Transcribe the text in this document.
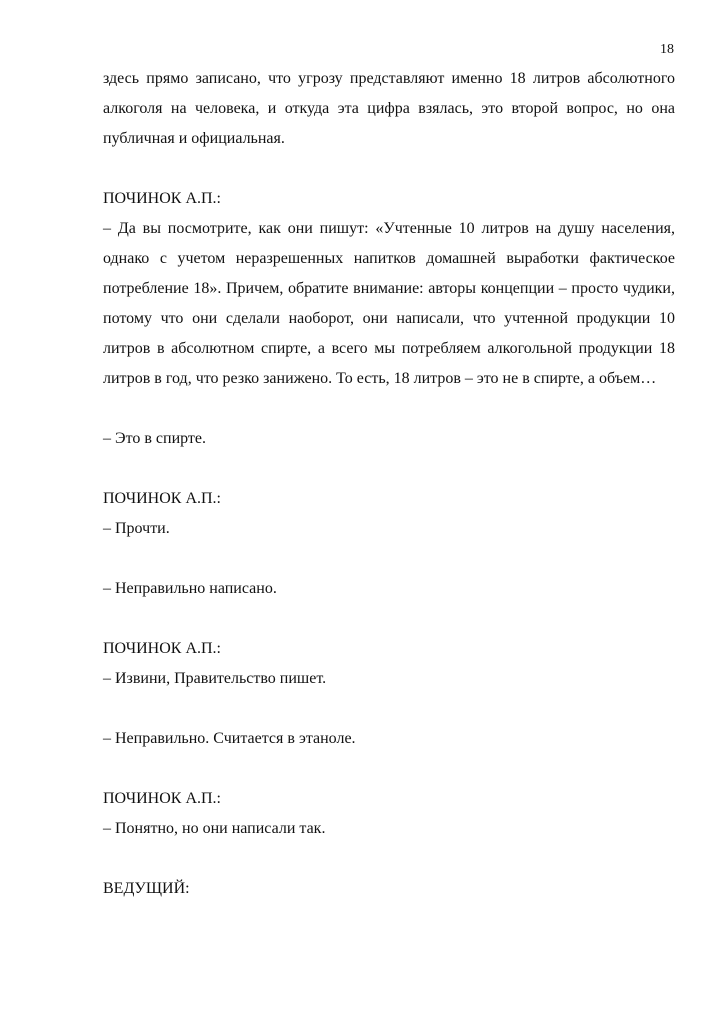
18

здесь прямо записано, что угрозу представляют именно 18 литров абсолютного алкоголя на человека, и откуда эта цифра взялась, это второй вопрос, но она публичная и официальная.

ПОЧИНОК А.П.:

– Да вы посмотрите, как они пишут: «Учтенные 10 литров на душу населения, однако с учетом неразрешенных напитков домашней выработки фактическое потребление 18». Причем, обратите внимание: авторы концепции – просто чудики, потому что они сделали наоборот, они написали, что учтенной продукции 10 литров в абсолютном спирте, а всего мы потребляем алкогольной продукции 18 литров в год, что резко занижено. То есть, 18 литров – это не в спирте, а объем…

– Это в спирте.

ПОЧИНОК А.П.:

– Прочти.

– Неправильно написано.

ПОЧИНОК А.П.:

– Извини, Правительство пишет.

– Неправильно. Считается в этаноле.

ПОЧИНОК А.П.:

– Понятно, но они написали так.

ВЕДУЩИЙ:
